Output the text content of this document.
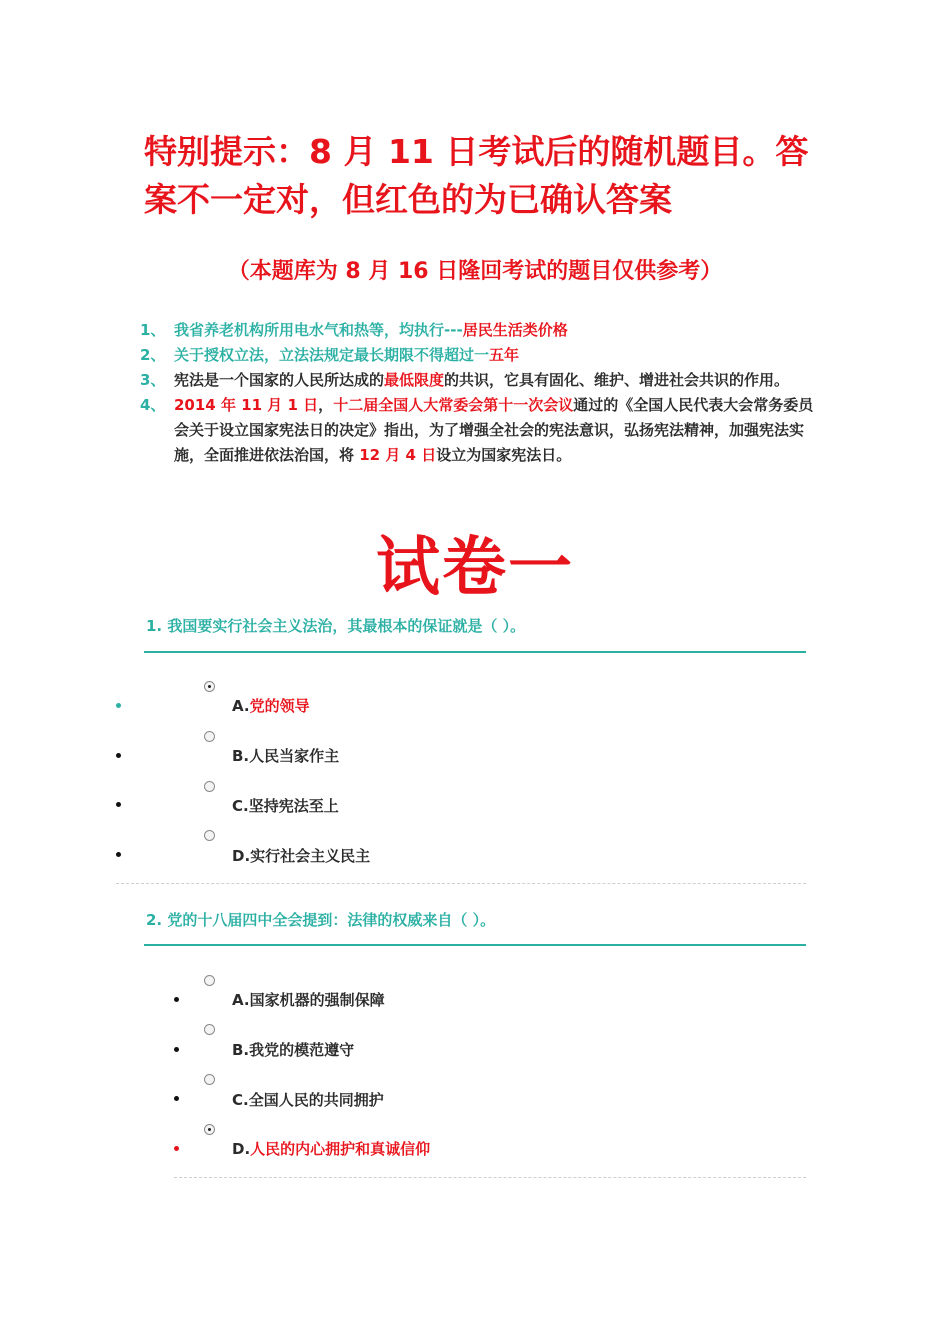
特别提示：8 月 11 日考试后的随机题目。答案不一定对，但红色的为已确认答案

（本题库为 8 月 16 日隆回考试的题目仅供参考）

1、 我省养老机构所用电水气和热等，均执行---居民生活类价格
2、 关于授权立法，立法法规定最长期限不得超过一五年
3、 宪法是一个国家的人民所达成的最低限度的共识，它具有固化、维护、增进社会共识的作用。
4、 2014 年 11 月 1 日，十二届全国人大常委会第十一次会议通过的《全国人民代表大会常务委员会关于设立国家宪法日的决定》指出，为了增强全社会的宪法意识，弘扬宪法精神，加强宪法实施，全面推进依法治国，将 12 月 4 日设立为国家宪法日。
试卷一

1. 我国要实行社会主义法治，其最根本的保证就是（ ）。

A.党的领导
B.人民当家作主
C.坚持宪法至上
D.实行社会主义民主

2. 党的十八届四中全会提到：法律的权威来自（ ）。

A.国家机器的强制保障
B.我党的模范遵守
C.全国人民的共同拥护
D.人民的内心拥护和真诚信仰
